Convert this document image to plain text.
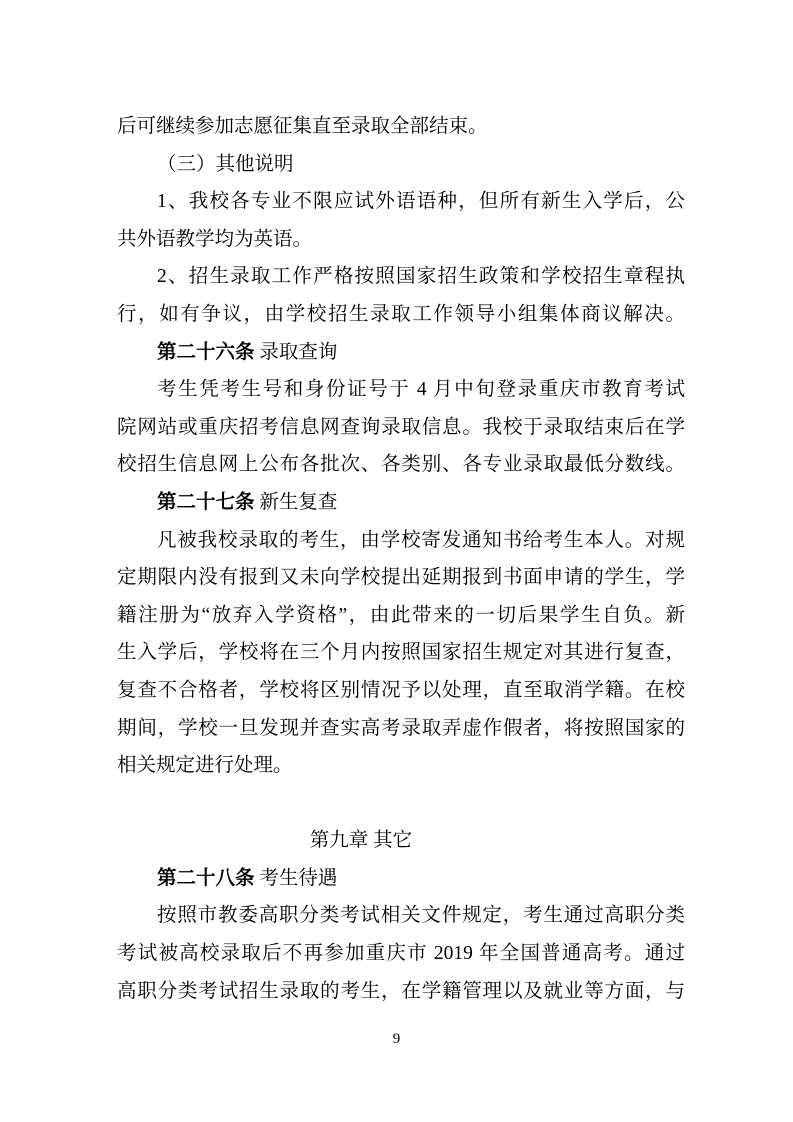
后可继续参加志愿征集直至录取全部结束。
（三）其他说明
1、我校各专业不限应试外语语种，但所有新生入学后，公
共外语教学均为英语。
2、招生录取工作严格按照国家招生政策和学校招生章程执
行，如有争议，由学校招生录取工作领导小组集体商议解决。
第二十六条 录取查询
考生凭考生号和身份证号于 4 月中旬登录重庆市教育考试
院网站或重庆招考信息网查询录取信息。我校于录取结束后在学
校招生信息网上公布各批次、各类别、各专业录取最低分数线。
第二十七条 新生复查
凡被我校录取的考生，由学校寄发通知书给考生本人。对规
定期限内没有报到又未向学校提出延期报到书面申请的学生，学
籍注册为“放弃入学资格”，由此带来的一切后果学生自负。新
生入学后，学校将在三个月内按照国家招生规定对其进行复查，
复查不合格者，学校将区别情况予以处理，直至取消学籍。在校
期间，学校一旦发现并查实高考录取弄虚作假者，将按照国家的
相关规定进行处理。
第九章 其它
第二十八条 考生待遇
按照市教委高职分类考试相关文件规定，考生通过高职分类
考试被高校录取后不再参加重庆市 2019 年全国普通高考。通过
高职分类考试招生录取的考生，在学籍管理以及就业等方面，与
9
